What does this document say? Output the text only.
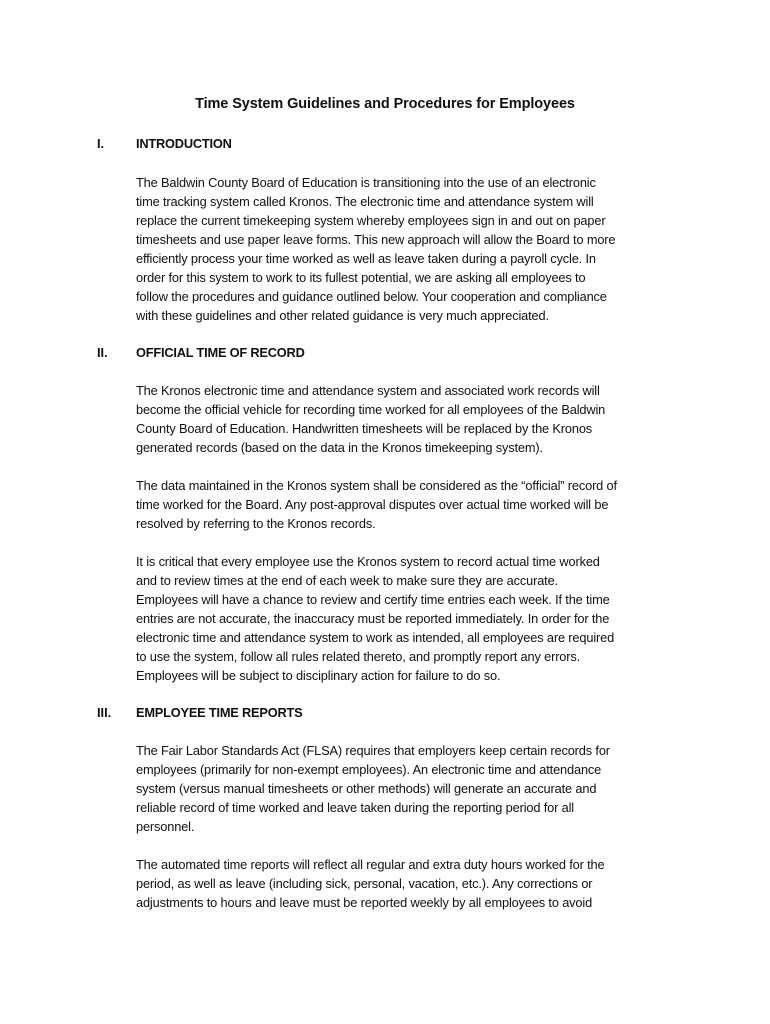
Time System Guidelines and Procedures for Employees
I. INTRODUCTION

The Baldwin County Board of Education is transitioning into the use of an electronic
time tracking system called Kronos. The electronic time and attendance system will
replace the current timekeeping system whereby employees sign in and out on paper
timesheets and use paper leave forms. This new approach will allow the Board to more
efficiently process your time worked as well as leave taken during a payroll cycle. In
order for this system to work to its fullest potential, we are asking all employees to
follow the procedures and guidance outlined below. Your cooperation and compliance
with these guidelines and other related guidance is very much appreciated.

II. OFFICIAL TIME OF RECORD

The Kronos electronic time and attendance system and associated work records will
become the official vehicle for recording time worked for all employees of the Baldwin
County Board of Education. Handwritten timesheets will be replaced by the Kronos
generated records (based on the data in the Kronos timekeeping system).

The data maintained in the Kronos system shall be considered as the “official” record of
time worked for the Board. Any post-approval disputes over actual time worked will be
resolved by referring to the Kronos records.

It is critical that every employee use the Kronos system to record actual time worked
and to review times at the end of each week to make sure they are accurate.
Employees will have a chance to review and certify time entries each week. If the time
entries are not accurate, the inaccuracy must be reported immediately. In order for the
electronic time and attendance system to work as intended, all employees are required
to use the system, follow all rules related thereto, and promptly report any errors.
Employees will be subject to disciplinary action for failure to do so.

III. EMPLOYEE TIME REPORTS

The Fair Labor Standards Act (FLSA) requires that employers keep certain records for
employees (primarily for non-exempt employees). An electronic time and attendance
system (versus manual timesheets or other methods) will generate an accurate and
reliable record of time worked and leave taken during the reporting period for all
personnel.

The automated time reports will reflect all regular and extra duty hours worked for the
period, as well as leave (including sick, personal, vacation, etc.). Any corrections or
adjustments to hours and leave must be reported weekly by all employees to avoid
